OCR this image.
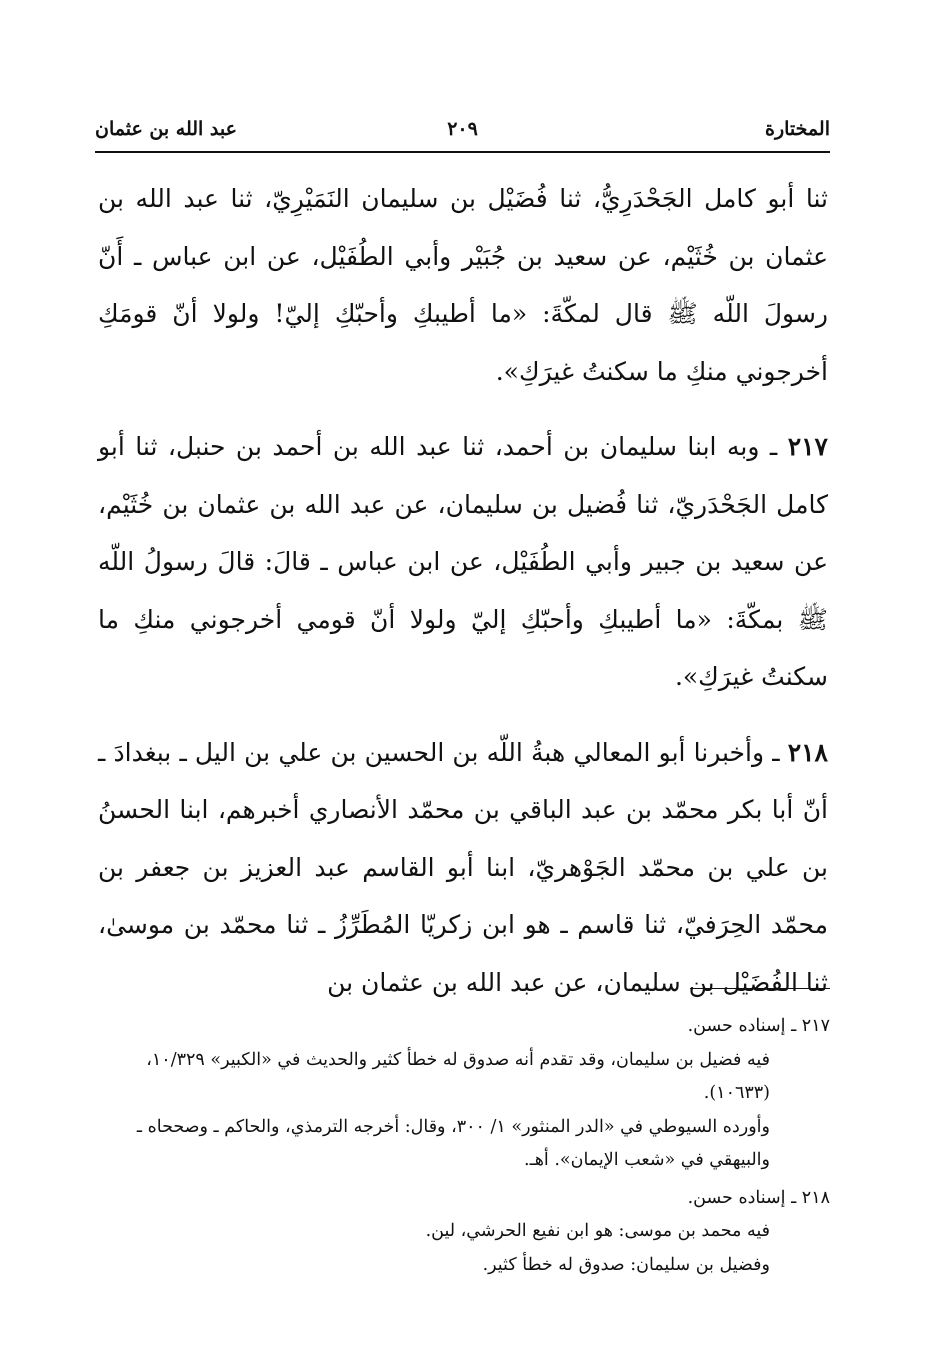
المختارة
٢٠٩
عبد الله بن عثمان

ثنا أبو كامل الجَحْدَرِيُّ، ثنا فُضَيْل بن سليمان النَمَيْرِيّ، ثنا عبد الله بن عثمان بن خُثَيْم، عن سعيد بن جُبَيْر وأبي الطُفَيْل، عن ابن عباس ـ أَنّ رسولَ اللّه ﷺ قال لمكّةَ: «ما أطيبكِ وأحبّكِ إليّ! ولولا أنّ قومَكِ أخرجوني منكِ ما سكنتُ غيرَكِ».

٢١٧ ـ وبه ابنا سليمان بن أحمد، ثنا عبد الله بن أحمد بن حنبل، ثنا أبو كامل الجَحْدَريّ، ثنا فُضيل بن سليمان، عن عبد الله بن عثمان بن خُثَيْم، عن سعيد بن جبير وأبي الطُفَيْل، عن ابن عباس ـ قالَ: قالَ رسولُ اللّه ﷺ بمكّةَ: «ما أطيبكِ وأحبّكِ إليّ ولولا أنّ قومي أخرجوني منكِ ما سكنتُ غيرَكِ».

٢١٨ ـ وأخبرنا أبو المعالي هبةُ اللّه بن الحسين بن علي بن اليل ـ ببغدادَ ـ أنّ أبا بكر محمّد بن عبد الباقي بن محمّد الأنصاري أخبرهم، ابنا الحسنُ بن علي بن محمّد الجَوْهريّ، ابنا أبو القاسم عبد العزيز بن جعفر بن محمّد الحِرَفيّ، ثنا قاسم ـ هو ابن زكريّا المُطَرِّزُ ـ ثنا محمّد بن موسىٰ، ثنا الفُضَيْل بن سليمان، عن عبد الله بن عثمان بن

٢١٧ ـ إسناده حسن.

فيه فضيل بن سليمان، وقد تقدم أنه صدوق له خطأ كثير والحديث في «الكبير» ١٠/٣٢٩، (١٠٦٣٣).

وأورده السيوطي في «الدر المنثور» ١/ ٣٠٠، وقال: أخرجه الترمذي، والحاكم ـ وصححاه ـ والبيهقي في «شعب الإيمان». أهـ.

٢١٨ ـ إسناده حسن.

فيه محمد بن موسى: هو ابن نفيع الحرشي، لين.

وفضيل بن سليمان: صدوق له خطأ كثير.
